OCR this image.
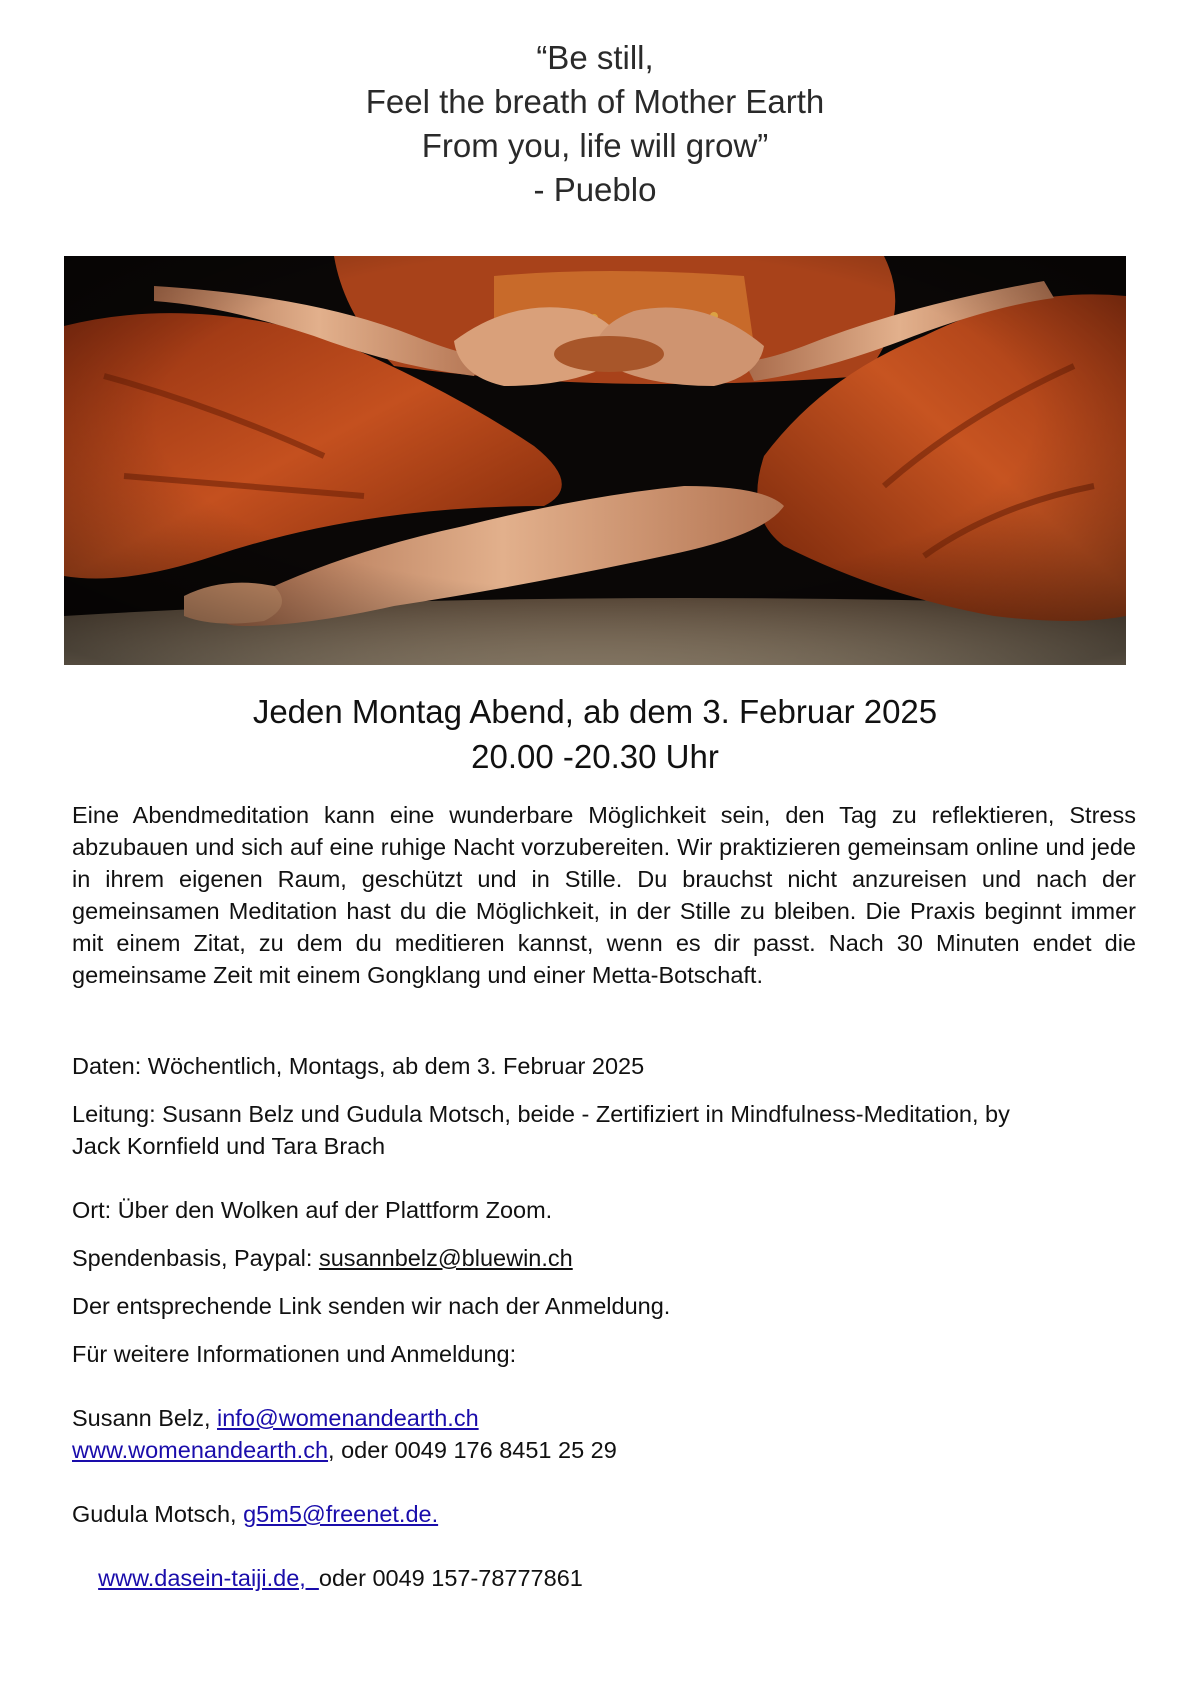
“Be still,
Feel the breath of Mother Earth
From you, life will grow”
- Pueblo
Jeden Montag Abend, ab dem 3. Februar 2025
20.00 -20.30 Uhr
Eine Abendmeditation kann eine wunderbare Möglichkeit sein, den Tag zu reflektieren, Stress abzubauen und sich auf eine ruhige Nacht vorzubereiten. Wir praktizieren gemeinsam online und jede in ihrem eigenen Raum, geschützt und in Stille. Du brauchst nicht anzureisen und nach der gemeinsamen Meditation hast du die Möglichkeit, in der Stille zu bleiben. Die Praxis beginnt immer mit einem Zitat, zu dem du meditieren kannst, wenn es dir passt. Nach 30 Minuten endet die gemeinsame Zeit mit einem Gongklang und einer Metta-Botschaft.
Daten: Wöchentlich, Montags, ab dem 3. Februar 2025
Leitung: Susann Belz und Gudula Motsch, beide - Zertifiziert in Mindfulness-Meditation, by
Jack Kornfield und Tara Brach
Ort: Über den Wolken auf der Plattform Zoom.
Spendenbasis, Paypal: susannbelz@bluewin.ch
Der entsprechende Link senden wir nach der Anmeldung.
Für weitere Informationen und Anmeldung:
Susann Belz, info@womenandearth.ch
www.womenandearth.ch, oder 0049 176 8451 25 29
Gudula Motsch, g5m5@freenet.de.

www.dasein-taiji.de,  oder 0049 157-78777861
